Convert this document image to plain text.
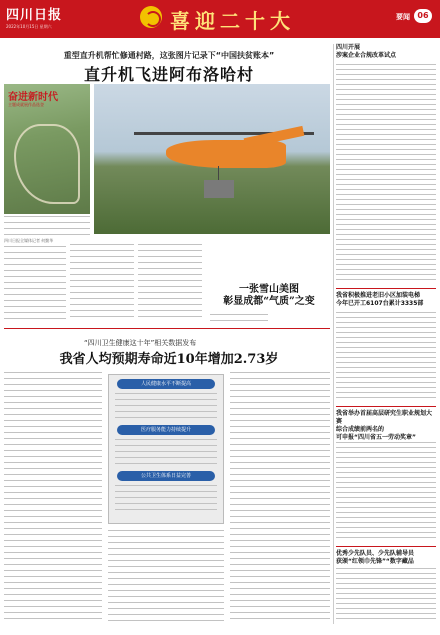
四川日报
2022年10月15日 星期六	喜迎二十大	要闻 06
重型直升机帮忙修通村路，这张图片记录下“中国扶贫账本”
直升机飞进阿布洛哈村
奋进新时代
主题成就展作品选登
四川日报全媒体记者 何勤华
一张雪山美图
彰显成都“气质”之变
四川开展
涉案企业合规改革试点
我省积极推进老旧小区加装电梯
今年已开工6107台累计3335部
我省举办首届高层研究生职业规划大赛
综合成绩前两名的
可申报“四川省五一劳动奖章”
优秀少先队员、少先队辅导员
获颁“红领巾先锋”“数字藏品
“四川卫生健康这十年”相关数据发布
我省人均预期寿命近10年增加2.73岁
人民健康水平不断提高
医疗服务能力持续提升
公共卫生体系日益完善
